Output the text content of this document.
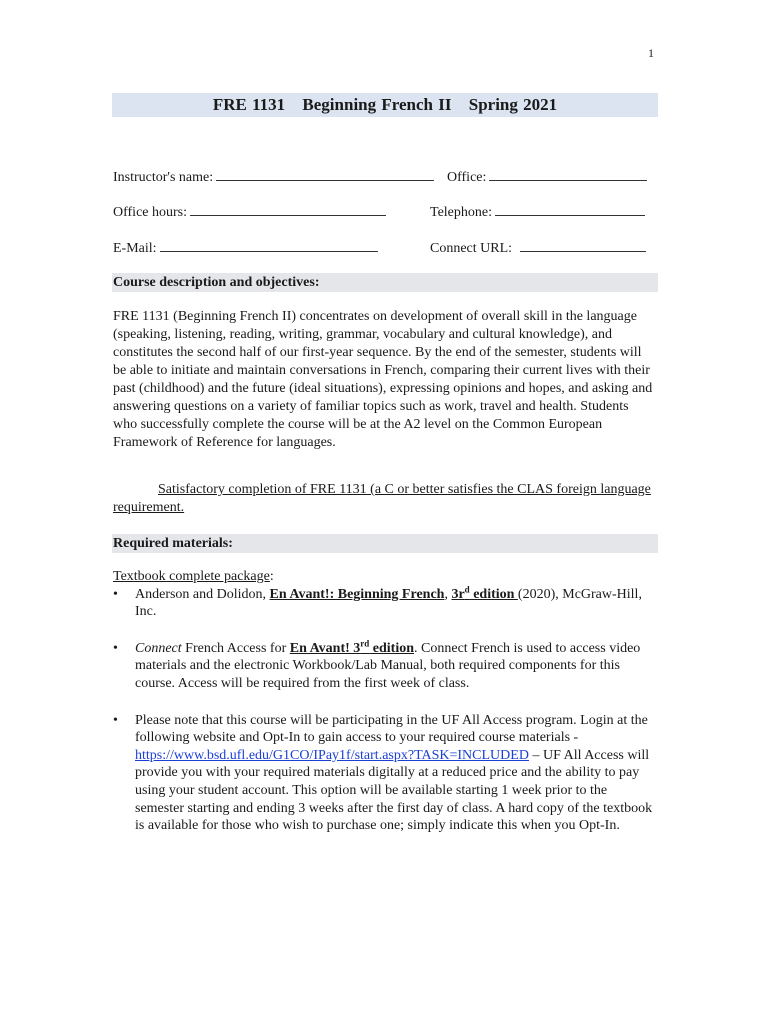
1
FRE 1131 Beginning French II Spring 2021
Instructor's name:	Office:
Office hours:	Telephone:
E-Mail:	Connect URL:
Course description and objectives:
FRE 1131 (Beginning French II) concentrates on development of overall skill in the language (speaking, listening, reading, writing, grammar, vocabulary and cultural knowledge), and constitutes the second half of our first-year sequence. By the end of the semester, students will be able to initiate and maintain conversations in French, comparing their current lives with their past (childhood) and the future (ideal situations), expressing opinions and hopes, and asking and answering questions on a variety of familiar topics such as work, travel and health. Students who successfully complete the course will be at the A2 level on the Common European Framework of Reference for languages.
Satisfactory completion of FRE 1131 (a C or better satisfies the CLAS foreign language requirement.
Required materials:
Textbook complete package:
• Anderson and Dolidon, En Avant!: Beginning French, $3r^d$ edition (2020), McGraw-Hill, Inc.
• Connect French Access for En Avant! 3rd edition. Connect French is used to access video materials and the electronic Workbook/Lab Manual, both required components for this course. Access will be required from the first week of class.
• Please note that this course will be participating in the UF All Access program. Login at the following website and Opt-In to gain access to your required course materials - https://www.bsd.ufl.edu/G1CO/IPay1f/start.aspx?TASK=INCLUDED – UF All Access will provide you with your required materials digitally at a reduced price and the ability to pay using your student account. This option will be available starting 1 week prior to the semester starting and ending 3 weeks after the first day of class. A hard copy of the textbook is available for those who wish to purchase one; simply indicate this when you Opt-In.
